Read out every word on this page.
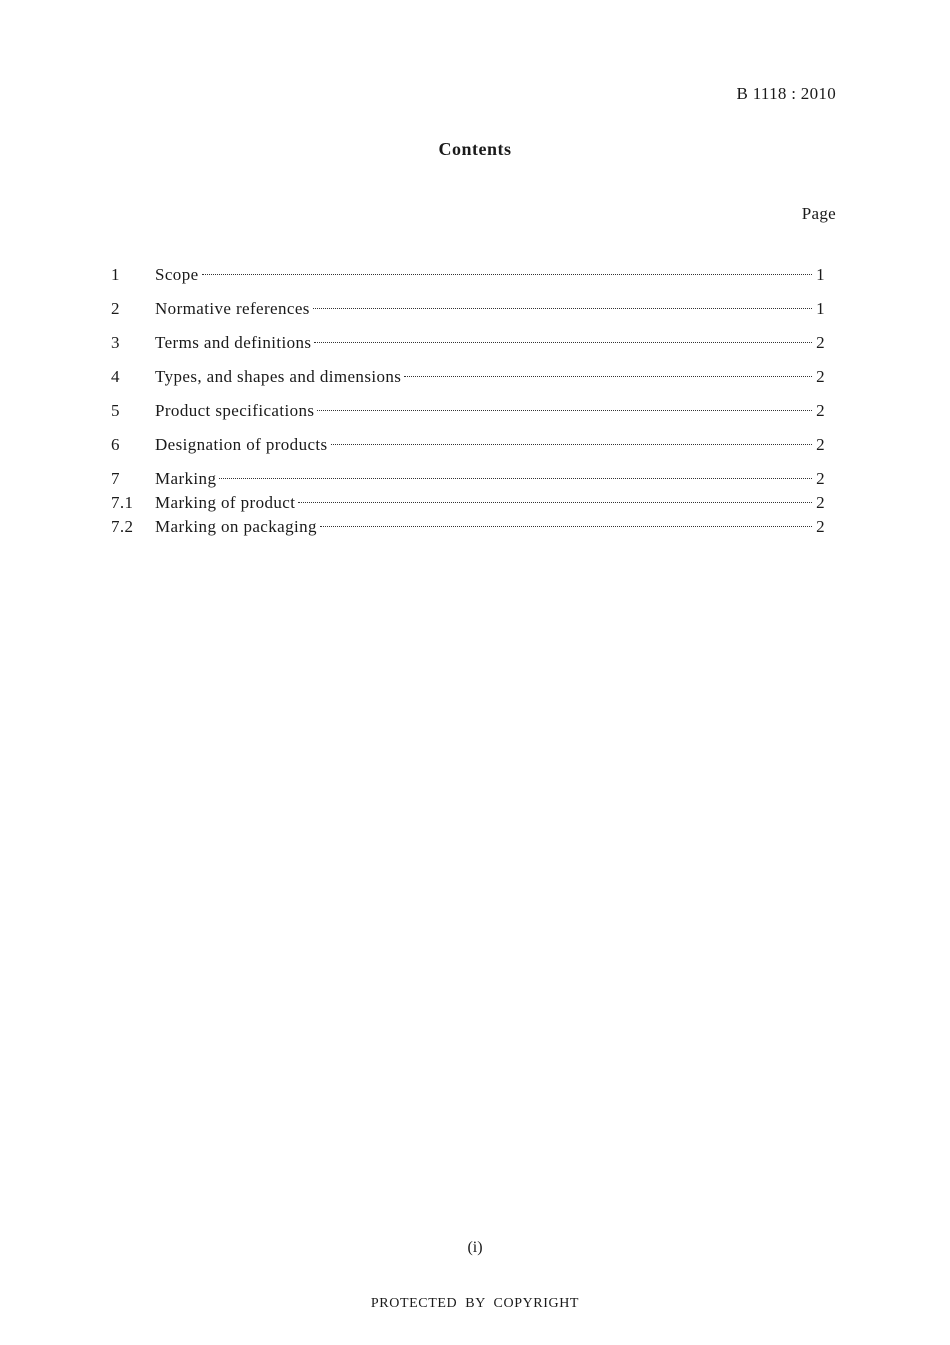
B 1118 : 2010
Contents
Page
1	Scope	1
2	Normative references	1
3	Terms and definitions	2
4	Types, and shapes and dimensions	2
5	Product specifications	2
6	Designation of products	2
7	Marking	2
7.1	Marking of product	2
7.2	Marking on packaging	2
(i)
PROTECTED BY COPYRIGHT
